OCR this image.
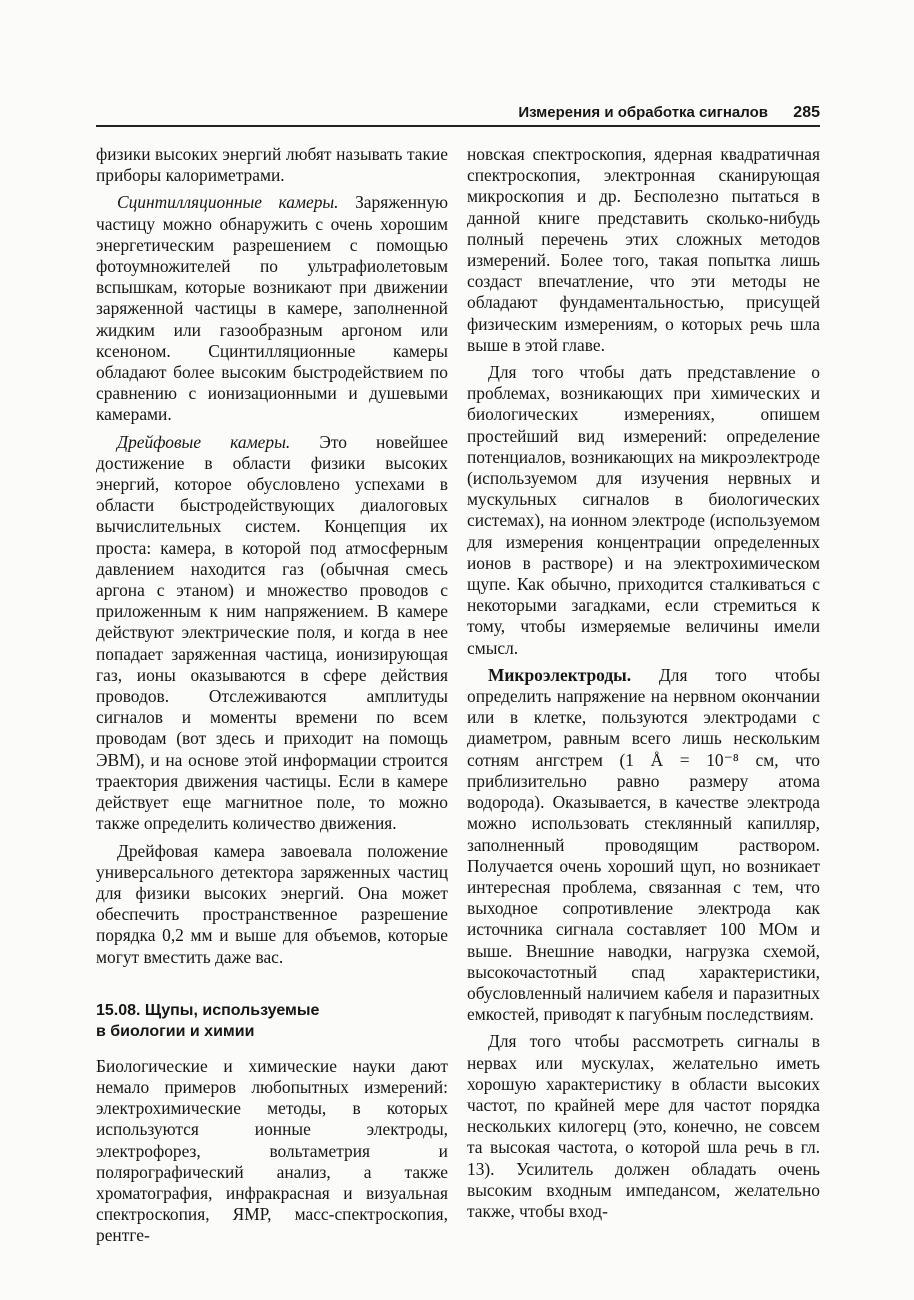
Измерения и обработка сигналов 285

физики высоких энергий любят называть такие приборы калориметрами.

Сцинтилляционные камеры. Заряженную частицу можно обнаружить с очень хорошим энергетическим разрешением с помощью фотоумножителей по ультрафиолетовым вспышкам, которые возникают при движении заряженной частицы в камере, заполненной жидким или газообразным аргоном или ксеноном. Сцинтилляционные камеры обладают более высоким быстродействием по сравнению с ионизационными и душевыми камерами.

Дрейфовые камеры. Это новейшее достижение в области физики высоких энергий, которое обусловлено успехами в области быстродействующих диалоговых вычислительных систем. Концепция их проста: камера, в которой под атмосферным давлением находится газ (обычная смесь аргона с этаном) и множество проводов с приложенным к ним напряжением. В камере действуют электрические поля, и когда в нее попадает заряженная частица, ионизирующая газ, ионы оказываются в сфере действия проводов. Отслеживаются амплитуды сигналов и моменты времени по всем проводам (вот здесь и приходит на помощь ЭВМ), и на основе этой информации строится траектория движения частицы. Если в камере действует еще магнитное поле, то можно также определить количество движения.

Дрейфовая камера завоевала положение универсального детектора заряженных частиц для физики высоких энергий. Она может обеспечить пространственное разрешение порядка 0,2 мм и выше для объемов, которые могут вместить даже вас.

15.08. Щупы, используемые
в биологии и химии

Биологические и химические науки дают немало примеров любопытных измерений: электрохимические методы, в которых используются ионные электроды, электрофорез, вольтаметрия и полярографический анализ, а также хроматография, инфракрасная и визуальная спектроскопия, ЯМР, масс-спектроскопия, рентге-

новская спектроскопия, ядерная квадратичная спектроскопия, электронная сканирующая микроскопия и др. Бесполезно пытаться в данной книге представить сколько-нибудь полный перечень этих сложных методов измерений. Более того, такая попытка лишь создаст впечатление, что эти методы не обладают фундаментальностью, присущей физическим измерениям, о которых речь шла выше в этой главе.

Для того чтобы дать представление о проблемах, возникающих при химических и биологических измерениях, опишем простейший вид измерений: определение потенциалов, возникающих на микроэлектроде (используемом для изучения нервных и мускульных сигналов в биологических системах), на ионном электроде (используемом для измерения концентрации определенных ионов в растворе) и на электрохимическом щупе. Как обычно, приходится сталкиваться с некоторыми загадками, если стремиться к тому, чтобы измеряемые величины имели смысл.

Микроэлектроды. Для того чтобы определить напряжение на нервном окончании или в клетке, пользуются электродами с диаметром, равным всего лишь нескольким сотням ангстрем (1 Å = 10⁻⁸ см, что приблизительно равно размеру атома водорода). Оказывается, в качестве электрода можно использовать стеклянный капилляр, заполненный проводящим раствором. Получается очень хороший щуп, но возникает интересная проблема, связанная с тем, что выходное сопротивление электрода как источника сигнала составляет 100 МОм и выше. Внешние наводки, нагрузка схемой, высокочастотный спад характеристики, обусловленный наличием кабеля и паразитных емкостей, приводят к пагубным последствиям.

Для того чтобы рассмотреть сигналы в нервах или мускулах, желательно иметь хорошую характеристику в области высоких частот, по крайней мере для частот порядка нескольких килогерц (это, конечно, не совсем та высокая частота, о которой шла речь в гл. 13). Усилитель должен обладать очень высоким входным импедансом, желательно также, чтобы вход-
